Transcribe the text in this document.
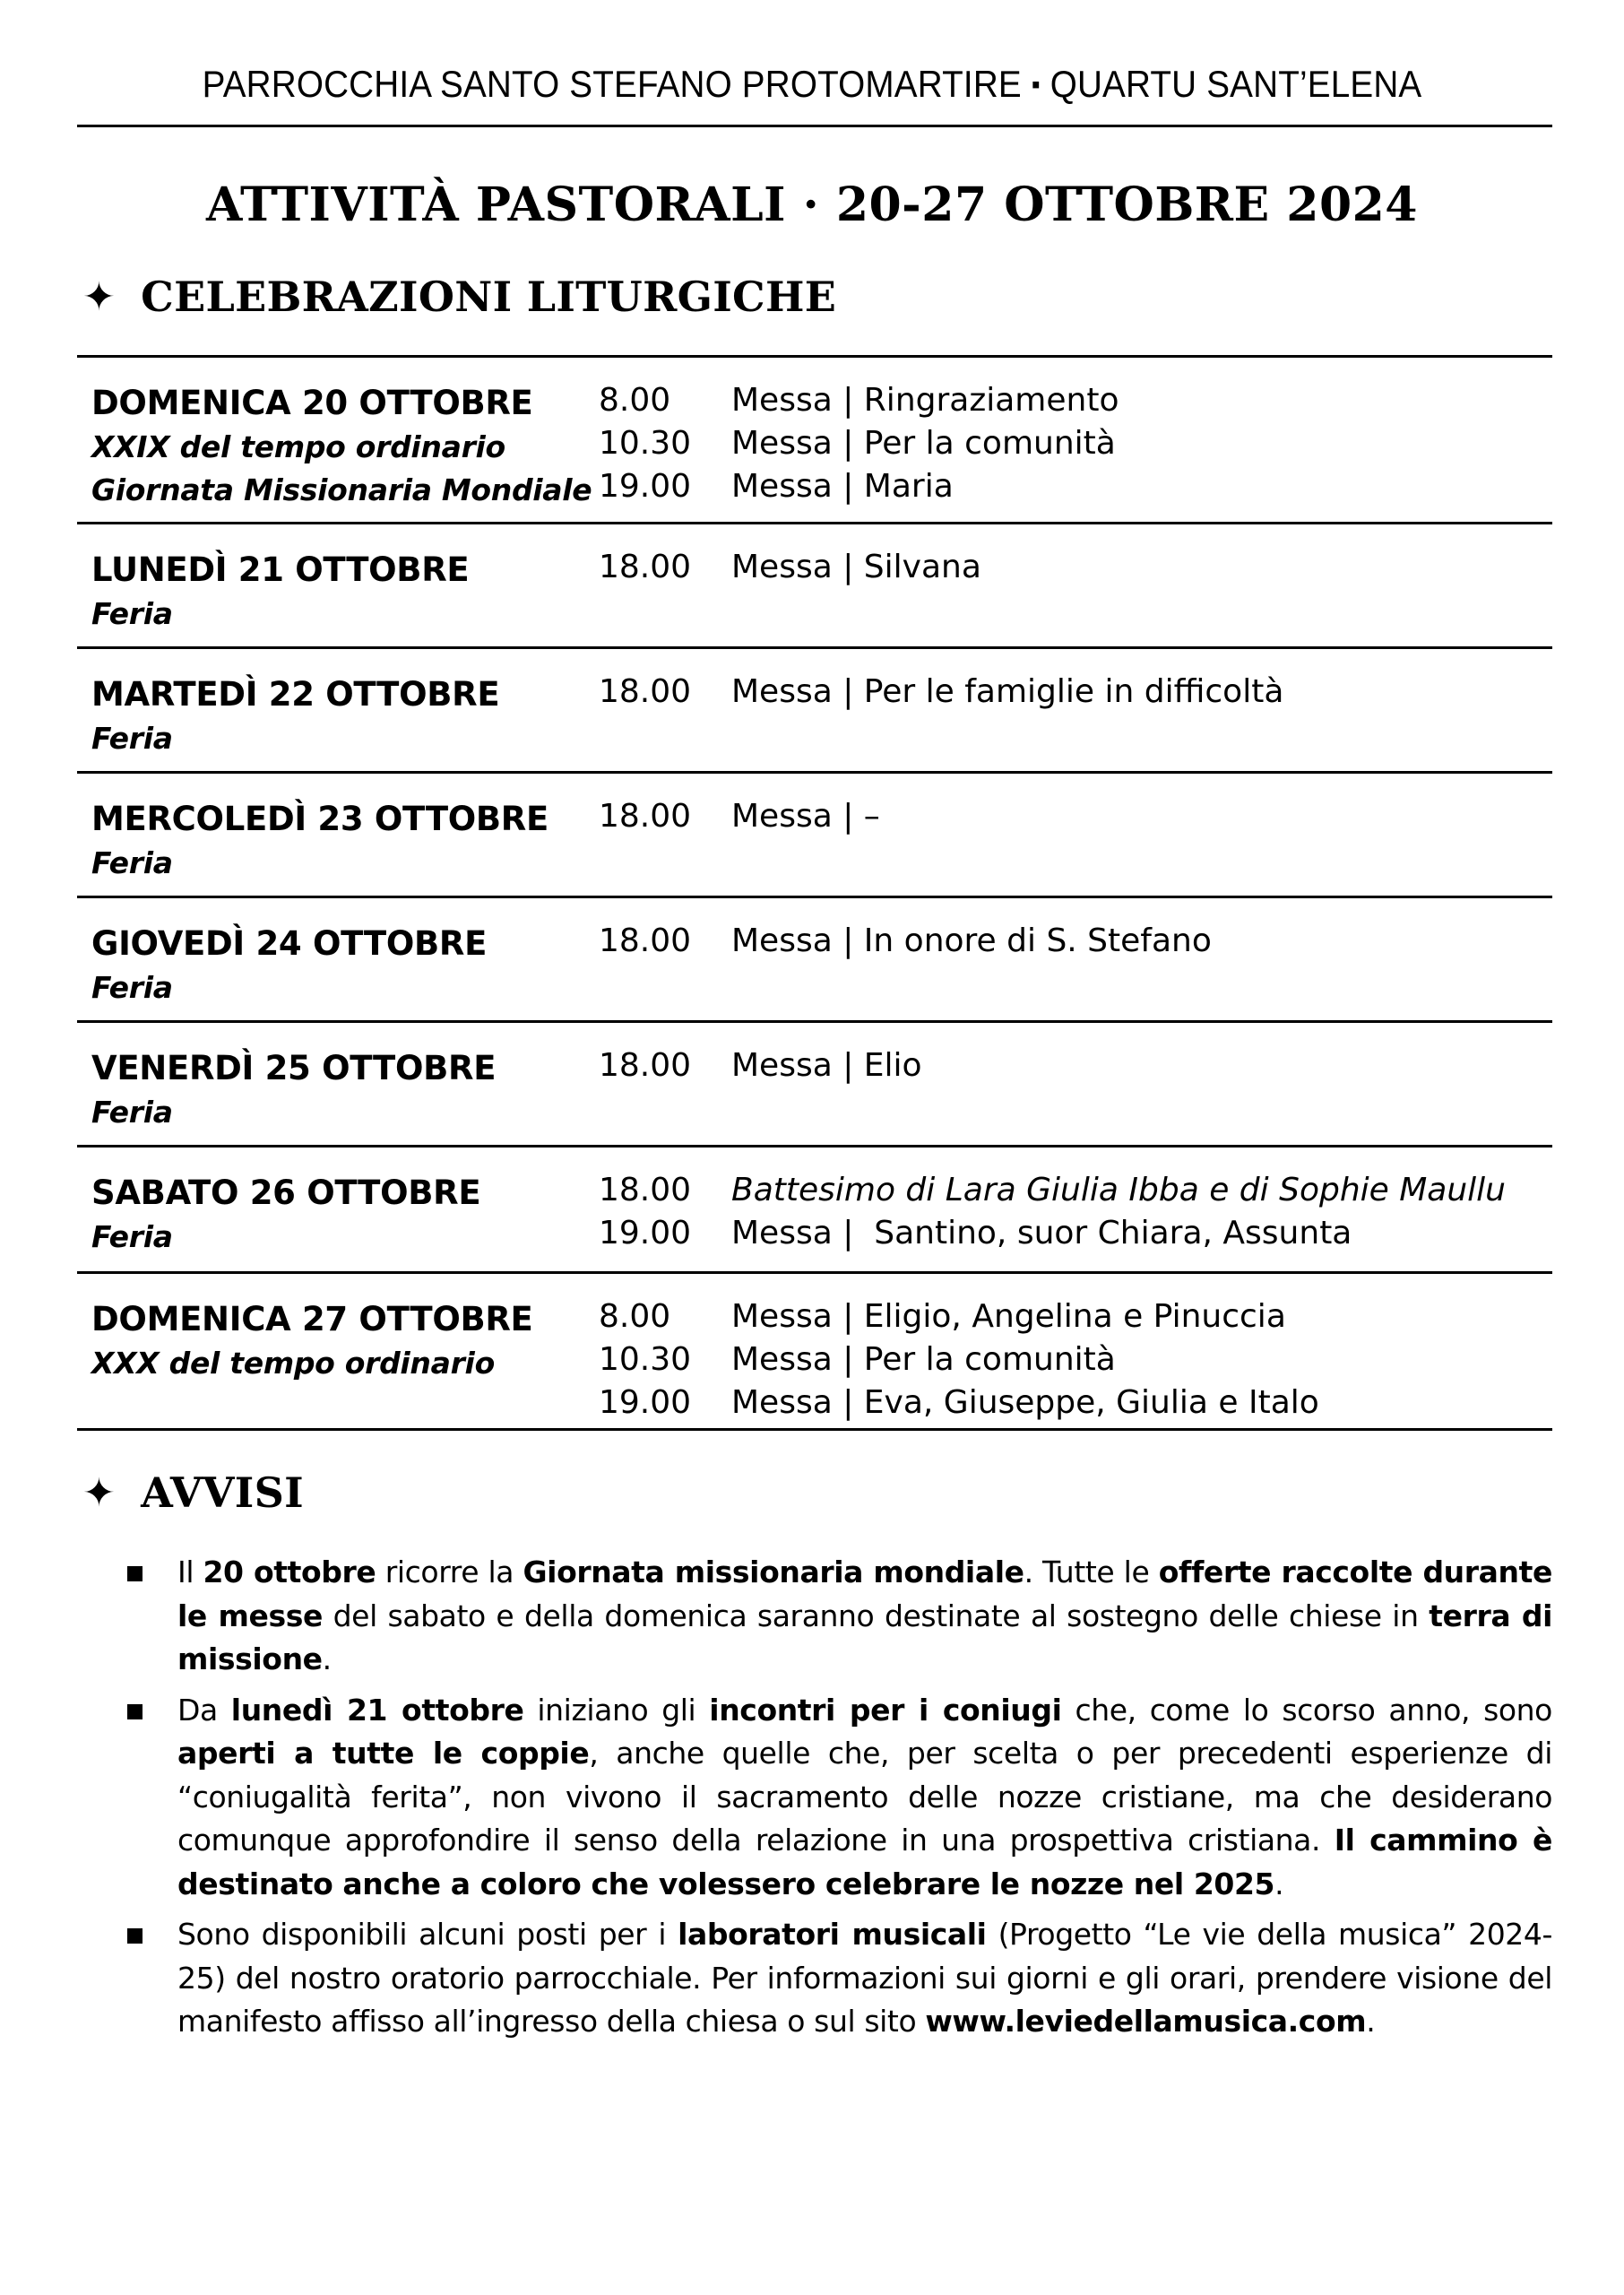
PARROCCHIA SANTO STEFANO PROTOMARTIRE ▪ QUARTU SANT’ELENA
ATTIVITÀ PASTORALI · 20-27 OTTOBRE 2024
✦ CELEBRAZIONI LITURGICHE
DOMENICA 20 OTTOBRE
XXIX del tempo ordinario
Giornata Missionaria Mondiale
8.00	Messa | Ringraziamento
10.30	Messa | Per la comunità
19.00	Messa | Maria
LUNEDÌ 21 OTTOBRE
Feria
18.00	Messa | Silvana
MARTEDÌ 22 OTTOBRE
Feria
18.00	Messa | Per le famiglie in difficoltà
MERCOLEDÌ 23 OTTOBRE
Feria
18.00	Messa | –
GIOVEDÌ 24 OTTOBRE
Feria
18.00	Messa | In onore di S. Stefano
VENERDÌ 25 OTTOBRE
Feria
18.00	Messa | Elio
SABATO 26 OTTOBRE
Feria
18.00	Battesimo di Lara Giulia Ibba e di Sophie Maullu
19.00	Messa |  Santino, suor Chiara, Assunta
DOMENICA 27 OTTOBRE
XXX del tempo ordinario
8.00	Messa | Eligio, Angelina e Pinuccia
10.30	Messa | Per la comunità
19.00	Messa | Eva, Giuseppe, Giulia e Italo
✦ AVVISI
Il 20 ottobre ricorre la Giornata missionaria mondiale. Tutte le offerte raccolte durante le messe del sabato e della domenica saranno destinate al sostegno delle chiese in terra di missione.
Da lunedì 21 ottobre iniziano gli incontri per i coniugi che, come lo scorso anno, sono aperti a tutte le coppie, anche quelle che, per scelta o per precedenti esperienze di “coniugalità ferita”, non vivono il sacramento delle nozze cristiane, ma che desiderano comunque approfondire il senso della relazione in una prospettiva cristiana. Il cammino è destinato anche a coloro che volessero celebrare le nozze nel 2025.
Sono disponibili alcuni posti per i laboratori musicali (Progetto “Le vie della musica” 2024-25) del nostro oratorio parrocchiale. Per informazioni sui giorni e gli orari, prendere visione del manifesto affisso all’ingresso della chiesa o sul sito www.leviedellamusica.com.
